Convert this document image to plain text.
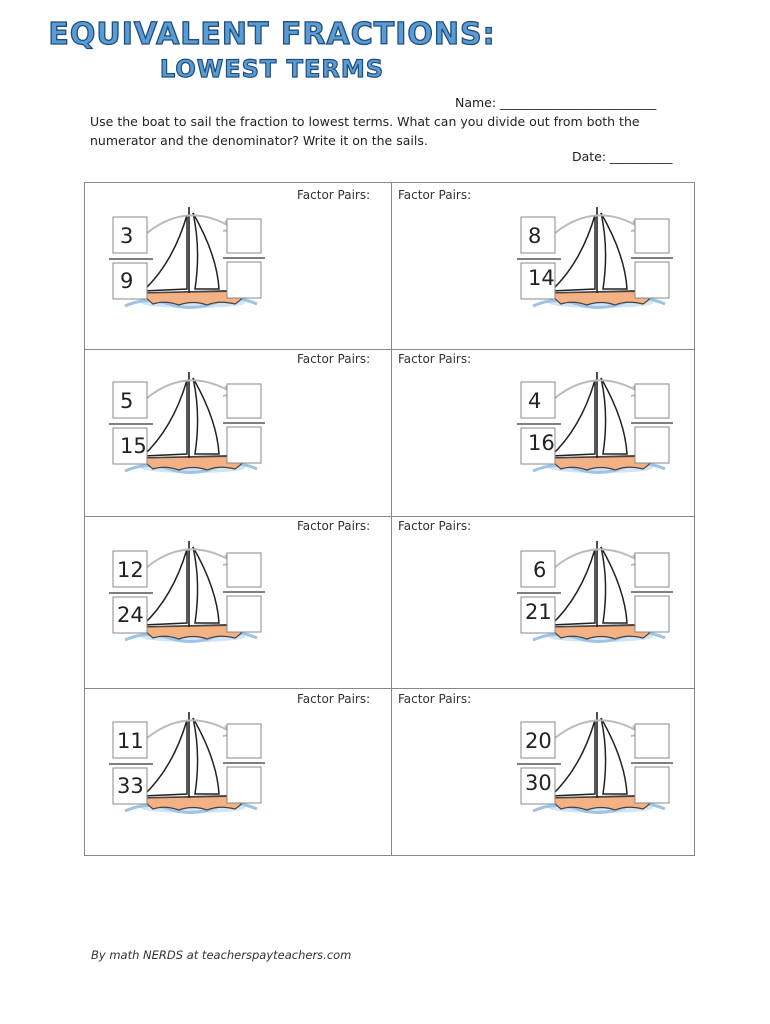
EQUIVALENT FRACTIONS:
LOWEST TERMS
Name: _________________________
Use the boat to sail the fraction to lowest terms. What can you divide out from both the numerator and the denominator? Write it on the sails.
Date: __________
Factor Pairs: Factor Pairs:
3
9
8
14
Factor Pairs: Factor Pairs:
5
15
4
16
Factor Pairs: Factor Pairs:
12
24
6
21
Factor Pairs: Factor Pairs:
11
33
20
30
By math NERDS at teacherspayteachers.com
